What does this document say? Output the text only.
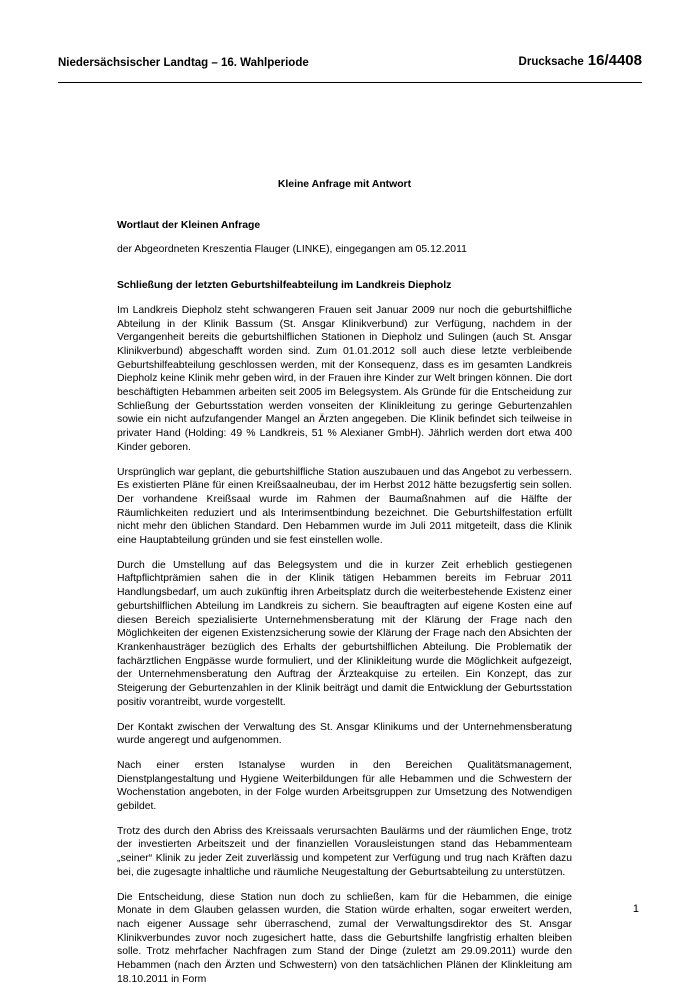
Niedersächsischer Landtag – 16. Wahlperiode	Drucksache 16/4408

Kleine Anfrage mit Antwort

Wortlaut der Kleinen Anfrage

der Abgeordneten Kreszentia Flauger (LINKE), eingegangen am 05.12.2011

Schließung der letzten Geburtshilfeabteilung im Landkreis Diepholz

Im Landkreis Diepholz steht schwangeren Frauen seit Januar 2009 nur noch die geburtshilfliche Abteilung in der Klinik Bassum (St. Ansgar Klinikverbund) zur Verfügung, nachdem in der Vergangenheit bereits die geburtshilflichen Stationen in Diepholz und Sulingen (auch St. Ansgar Klinikverbund) abgeschafft worden sind. Zum 01.01.2012 soll auch diese letzte verbleibende Geburtshilfeabteilung geschlossen werden, mit der Konsequenz, dass es im gesamten Landkreis Diepholz keine Klinik mehr geben wird, in der Frauen ihre Kinder zur Welt bringen können. Die dort beschäftigten Hebammen arbeiten seit 2005 im Belegsystem. Als Gründe für die Entscheidung zur Schließung der Geburtsstation werden vonseiten der Klinikleitung zu geringe Geburtenzahlen sowie ein nicht aufzufangender Mangel an Ärzten angegeben. Die Klinik befindet sich teilweise in privater Hand (Holding: 49 % Landkreis, 51 % Alexianer GmbH). Jährlich werden dort etwa 400 Kinder geboren.

Ursprünglich war geplant, die geburtshilfliche Station auszubauen und das Angebot zu verbessern. Es existierten Pläne für einen Kreißsaalneubau, der im Herbst 2012 hätte bezugsfertig sein sollen. Der vorhandene Kreißsaal wurde im Rahmen der Baumaßnahmen auf die Hälfte der Räumlichkeiten reduziert und als Interimsentbindung bezeichnet. Die Geburtshilfestation erfüllt nicht mehr den üblichen Standard. Den Hebammen wurde im Juli 2011 mitgeteilt, dass die Klinik eine Hauptabteilung gründen und sie fest einstellen wolle.

Durch die Umstellung auf das Belegsystem und die in kurzer Zeit erheblich gestiegenen Haftpflichtprämien sahen die in der Klinik tätigen Hebammen bereits im Februar 2011 Handlungsbedarf, um auch zukünftig ihren Arbeitsplatz durch die weiterbestehende Existenz einer geburtshilflichen Abteilung im Landkreis zu sichern. Sie beauftragten auf eigene Kosten eine auf diesen Bereich spezialisierte Unternehmensberatung mit der Klärung der Frage nach den Möglichkeiten der eigenen Existenzsicherung sowie der Klärung der Frage nach den Absichten der Krankenhausträger bezüglich des Erhalts der geburtshilflichen Abteilung. Die Problematik der fachärztlichen Engpässe wurde formuliert, und der Klinikleitung wurde die Möglichkeit aufgezeigt, der Unternehmensberatung den Auftrag der Ärzteakquise zu erteilen. Ein Konzept, das zur Steigerung der Geburtenzahlen in der Klinik beiträgt und damit die Entwicklung der Geburtsstation positiv vorantreibt, wurde vorgestellt.

Der Kontakt zwischen der Verwaltung des St. Ansgar Klinikums und der Unternehmensberatung wurde angeregt und aufgenommen.

Nach einer ersten Istanalyse wurden in den Bereichen Qualitätsmanagement, Dienstplangestaltung und Hygiene Weiterbildungen für alle Hebammen und die Schwestern der Wochenstation angeboten, in der Folge wurden Arbeitsgruppen zur Umsetzung des Notwendigen gebildet.

Trotz des durch den Abriss des Kreissaals verursachten Baulärms und der räumlichen Enge, trotz der investierten Arbeitszeit und der finanziellen Vorausleistungen stand das Hebammenteam „seiner“ Klinik zu jeder Zeit zuverlässig und kompetent zur Verfügung und trug nach Kräften dazu bei, die zugesagte inhaltliche und räumliche Neugestaltung der Geburtsabteilung zu unterstützen.

Die Entscheidung, diese Station nun doch zu schließen, kam für die Hebammen, die einige Monate in dem Glauben gelassen wurden, die Station würde erhalten, sogar erweitert werden, nach eigener Aussage sehr überraschend, zumal der Verwaltungsdirektor des St. Ansgar Klinikverbundes zuvor noch zugesichert hatte, dass die Geburtshilfe langfristig erhalten bleiben solle. Trotz mehrfacher Nachfragen zum Stand der Dinge (zuletzt am 29.09.2011) wurde den Hebammen (nach den Ärzten und Schwestern) von den tatsächlichen Plänen der Klinkleitung am 18.10.2011 in Form

1
